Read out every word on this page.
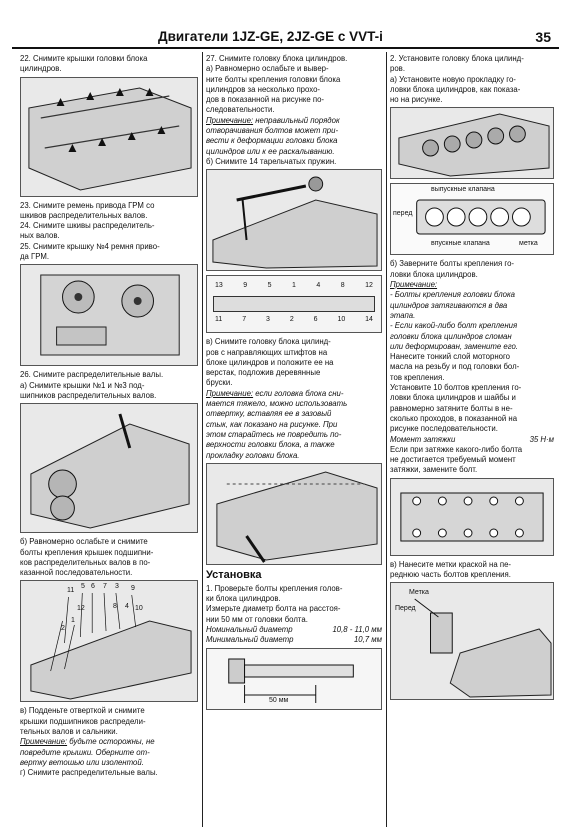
Двигатели 1JZ-GE, 2JZ-GE с VVT-i	35

22. Снимите крышки головки блока

цилиндров.

23. Снимите ремень привода ГРМ со

шкивов распределительных валов.

24. Снимите шкивы распределитель-

ных валов.

25. Снимите крышку №4 ремня приво-

да ГРМ.

26. Снимите распределительные валы.

а) Снимите крышки №1 и №3 под-

шипников распределительных валов.

б) Равномерно ослабьте и снимите

болты крепления крышек подшипни-

ков распределительных валов в по-

казанной последовательности.

11
5 6 7 3 9
12	8 4 10
1
2

в) Подденьте отверткой и снимите

крышки подшипников распредели-

тельных валов и сальники.

Примечание: будьте осторожны, не

повредите крышки. Оберните от-

вертку ветошью или изолентой.

г) Снимите распределительные валы.

27. Снимите головку блока цилиндров.

а) Равномерно ослабьте и вывер-

ните болты крепления головки блока

цилиндров за несколько прохо-

дов в показанной на рисунке по-

следовательности.

Примечание: неправильный порядок

отворачивания болтов может при-

вести к деформации головки блока

цилиндров или к ее раскалыванию.

б) Снимите 14 тарельчатых пружин.

13	9	5	1	4	8	12
11	7	3	2	6	10	14

в) Снимите головку блока цилинд-

ров с направляющих штифтов на

блоке цилиндров и положите ее на

верстак, подложив деревянные

бруски.

Примечание: если головка блока сни-

мается тяжело, можно использовать

отвертку, вставляя ее в зазовый

стык, как показано на рисунке. При

этом старайтесь не повредить по-

верхности головки блока, а также

прокладку головки блока.

Установка

1. Проверьте болты крепления голов-

ки блока цилиндров.

Измерьте диаметр болта на расстоя-

нии 50 мм от головки болта.

Номинальный диаметр	10,8 - 11,0 мм

Минимальный диаметр	10,7 мм

50 мм

2. Установите головку блока цилинд-

ров.

а) Установите новую прокладку го-

ловки блока цилиндров, как показа-

но на рисунке.

выпускные клапана
перед
впускные клапана	метка

б) Заверните болты крепления го-

ловки блока цилиндров.

Примечание:

- Болты крепления головки блока

цилиндров затягиваются в два

этапа.

- Если какой-либо болт крепления

головки блока цилиндров сломан

или деформирован, замените его.

Нанесите тонкий слой моторного

масла на резьбу и под головки бол-

тов крепления.

Установите 10 болтов крепления го-

ловки блока цилиндров и шайбы и

равномерно затяните болты в не-

сколько проходов, в показанной на

рисунке последовательности.

Момент затяжки	35 Н·м

Если при затяжке какого-либо болта

не достигается требуемый момент

затяжки, замените болт.

в) Нанесите метки краской на пе-

реднюю часть болтов крепления.

Метка
Перед
